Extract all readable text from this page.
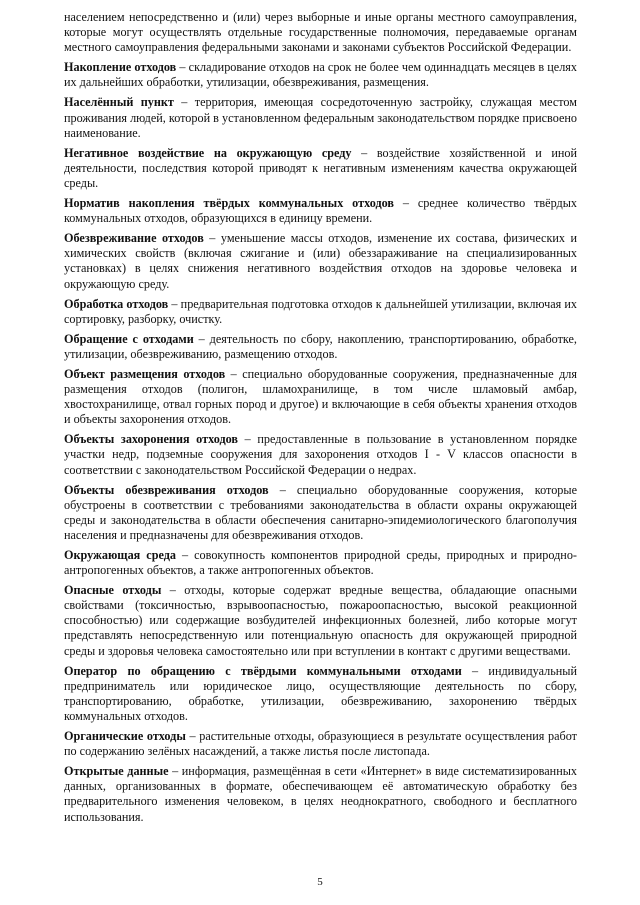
населением непосредственно и (или) через выборные и иные органы местного самоуправления, которые могут осуществлять отдельные государственные полномочия, передаваемые органам местного самоуправления федеральными законами и законами субъектов Российской Федерации.

Накопление отходов – складирование отходов на срок не более чем одиннадцать месяцев в целях их дальнейших обработки, утилизации, обезвреживания, размещения.

Населённый пункт – территория, имеющая сосредоточенную застройку, служащая местом проживания людей, которой в установленном федеральным законодательством порядке присвоено наименование.

Негативное воздействие на окружающую среду – воздействие хозяйственной и иной деятельности, последствия которой приводят к негативным изменениям качества окружающей среды.

Норматив накопления твёрдых коммунальных отходов – среднее количество твёрдых коммунальных отходов, образующихся в единицу времени.

Обезвреживание отходов – уменьшение массы отходов, изменение их состава, физических и химических свойств (включая сжигание и (или) обеззараживание на специализированных установках) в целях снижения негативного воздействия отходов на здоровье человека и окружающую среду.

Обработка отходов – предварительная подготовка отходов к дальнейшей утилизации, включая их сортировку, разборку, очистку.

Обращение с отходами – деятельность по сбору, накоплению, транспортированию, обработке, утилизации, обезвреживанию, размещению отходов.

Объект размещения отходов – специально оборудованные сооружения, предназначенные для размещения отходов (полигон, шламохранилище, в том числе шламовый амбар, хвостохранилище, отвал горных пород и другое) и включающие в себя объекты хранения отходов и объекты захоронения отходов.

Объекты захоронения отходов – предоставленные в пользование в установленном порядке участки недр, подземные сооружения для захоронения отходов I - V классов опасности в соответствии с законодательством Российской Федерации о недрах.

Объекты обезвреживания отходов – специально оборудованные сооружения, которые обустроены в соответствии с требованиями законодательства в области охраны окружающей среды и законодательства в области обеспечения санитарно-эпидемиологического благополучия населения и предназначены для обезвреживания отходов.

Окружающая среда – совокупность компонентов природной среды, природных и природно-антропогенных объектов, а также антропогенных объектов.

Опасные отходы – отходы, которые содержат вредные вещества, обладающие опасными свойствами (токсичностью, взрывоопасностью, пожароопасностью, высокой реакционной способностью) или содержащие возбудителей инфекционных болезней, либо которые могут представлять непосредственную или потенциальную опасность для окружающей природной среды и здоровья человека самостоятельно или при вступлении в контакт с другими веществами.

Оператор по обращению с твёрдыми коммунальными отходами – индивидуальный предприниматель или юридическое лицо, осуществляющие деятельность по сбору, транспортированию, обработке, утилизации, обезвреживанию, захоронению твёрдых коммунальных отходов.

Органические отходы – растительные отходы, образующиеся в результате осуществления работ по содержанию зелёных насаждений, а также листья после листопада.

Открытые данные – информация, размещённая в сети «Интернет» в виде систематизированных данных, организованных в формате, обеспечивающем её автоматическую обработку без предварительного изменения человеком, в целях неоднократного, свободного и бесплатного использования.

5
